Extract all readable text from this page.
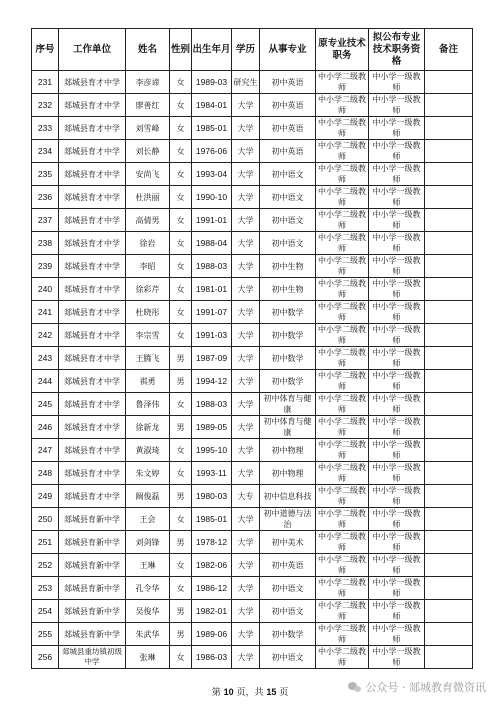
序号	工作单位	姓名	性别	出生年月	学历	从事专业	原专业技术职务	拟公布专业技术职务资格	备注
231	郯城县育才中学	李彦谛	女	1989-03	研究生	初中英语	中小学二级教师	中小学一级教师	
232	郯城县育才中学	廖善红	女	1984-01	大学	初中英语	中小学二级教师	中小学一级教师	
233	郯城县育才中学	刘雪峰	女	1985-01	大学	初中英语	中小学二级教师	中小学一级教师	
234	郯城县育才中学	刘长静	女	1976-06	大学	初中英语	中小学二级教师	中小学一级教师	
235	郯城县育才中学	安尚飞	女	1993-04	大学	初中语文	中小学二级教师	中小学一级教师	
236	郯城县育才中学	杜洪丽	女	1990-10	大学	初中语文	中小学二级教师	中小学一级教师	
237	郯城县育才中学	高倩男	女	1991-01	大学	初中语文	中小学二级教师	中小学一级教师	
238	郯城县育才中学	徐岩	女	1988-04	大学	初中语文	中小学二级教师	中小学一级教师	
239	郯城县育才中学	李昭	女	1988-03	大学	初中生物	中小学二级教师	中小学一级教师	
240	郯城县育才中学	徐彩芹	女	1981-01	大学	初中生物	中小学二级教师	中小学一级教师	
241	郯城县育才中学	杜晓彤	女	1991-07	大学	初中数学	中小学二级教师	中小学一级教师	
242	郯城县育才中学	李宗雪	女	1991-03	大学	初中数学	中小学二级教师	中小学一级教师	
243	郯城县育才中学	王腾飞	男	1987-09	大学	初中数学	中小学二级教师	中小学一级教师	
244	郯城县育才中学	祺勇	男	1994-12	大学	初中数学	中小学二级教师	中小学一级教师	
245	郯城县育才中学	鲁泽伟	女	1988-03	大学	初中体育与健康	中小学二级教师	中小学一级教师	
246	郯城县育才中学	徐新龙	男	1989-05	大学	初中体育与健康	中小学二级教师	中小学一级教师	
247	郯城县育才中学	黄淑琦	女	1995-10	大学	初中物理	中小学二级教师	中小学一级教师	
248	郯城县育才中学	朱文婷	女	1993-11	大学	初中物理	中小学二级教师	中小学一级教师	
249	郯城县育才中学	阚俊磊	男	1980-03	大专	初中信息科技	中小学二级教师	中小学一级教师	
250	郯城县育新中学	王会	女	1985-01	大学	初中道德与法治	中小学二级教师	中小学一级教师	
251	郯城县育新中学	刘剑锋	男	1978-12	大学	初中美术	中小学二级教师	中小学一级教师	
252	郯城县育新中学	王琳	女	1982-06	大学	初中英语	中小学二级教师	中小学一级教师	
253	郯城县育新中学	孔令华	女	1986-12	大学	初中语文	中小学二级教师	中小学一级教师	
254	郯城县育新中学	吴俊华	男	1982-01	大学	初中语文	中小学二级教师	中小学一级教师	
255	郯城县育新中学	朱武华	男	1989-06	大学	初中数学	中小学二级教师	中小学一级教师	
256	郯城县重坊镇初级中学	张琳	女	1986-03	大学	初中语文	中小学二级教师	中小学一级教师	
第 10 页，共 15 页	公众号 · 郯城教育微资讯
